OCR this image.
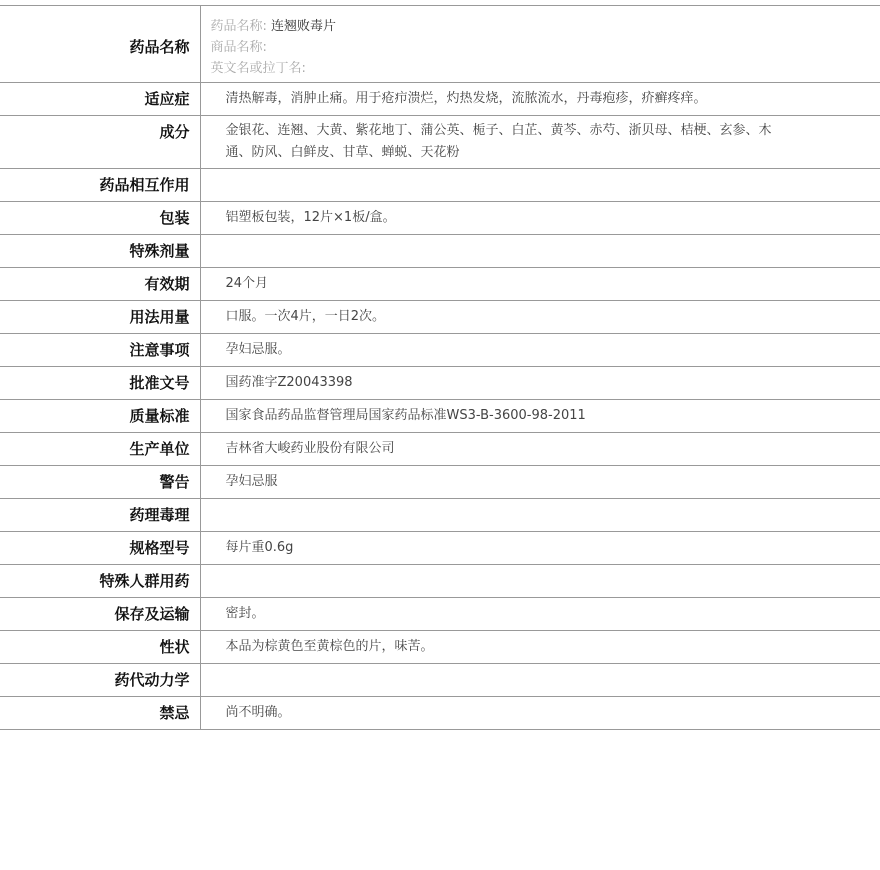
药品名称	药品名称: 连翘败毒片
商品名称:
英文名或拉丁名:

适应症	清热解毒，消肿止痛。用于疮疖溃烂，灼热发烧，流脓流水，丹毒疱疹，疥癣疼痒。
成分	金银花、连翘、大黄、紫花地丁、蒲公英、栀子、白芷、黄芩、赤芍、浙贝母、桔梗、玄参、木通、防风、白鲜皮、甘草、蝉蜕、天花粉
药品相互作用	
包装	铝塑板包装，12片×1板/盒。
特殊剂量	
有效期	24个月
用法用量	口服。一次4片，一日2次。
注意事项	孕妇忌服。
批准文号	国药准字Z20043398
质量标准	国家食品药品监督管理局国家药品标准WS3-B-3600-98-2011
生产单位	吉林省大峻药业股份有限公司
警告	孕妇忌服
药理毒理	
规格型号	每片重0.6g
特殊人群用药	
保存及运输	密封。
性状	本品为棕黄色至黄棕色的片，味苦。
药代动力学	
禁忌	尚不明确。
